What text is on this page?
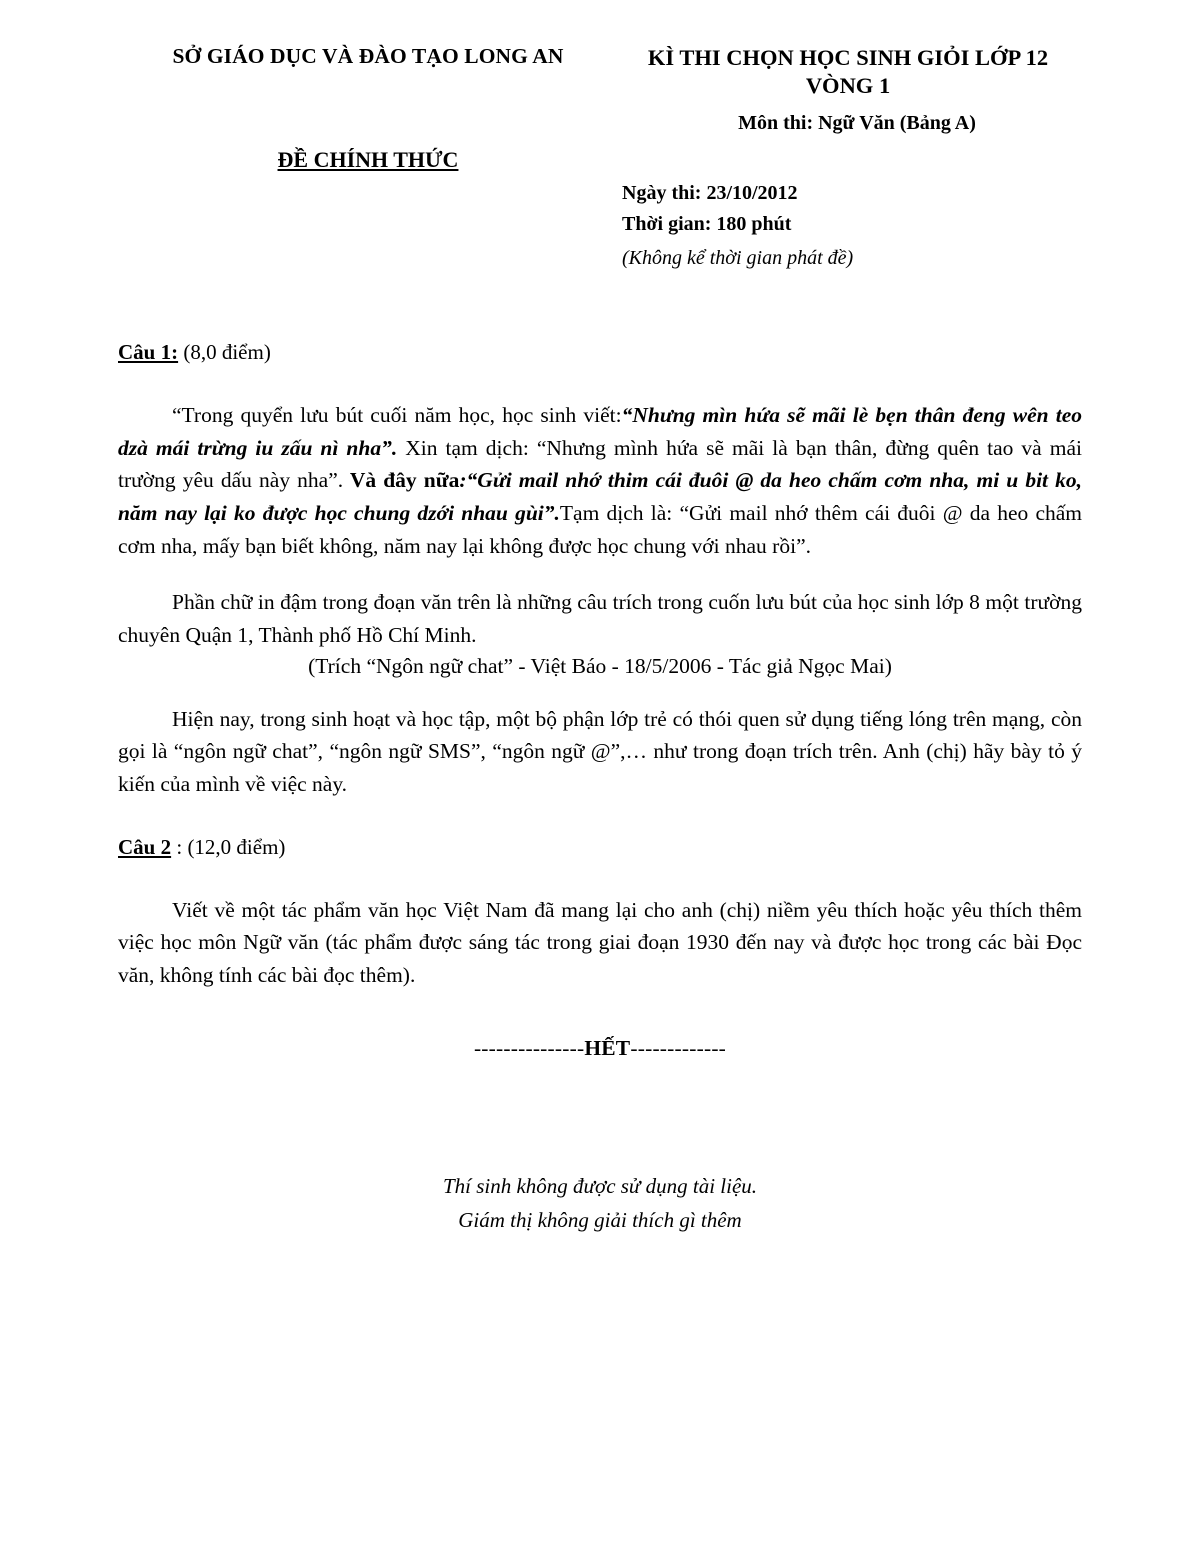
SỞ GIÁO DỤC VÀ ĐÀO TẠO LONG AN
ĐỀ CHÍNH THỨC
KÌ THI CHỌN HỌC SINH GIỎI LỚP 12
VÒNG 1
Môn thi: Ngữ Văn (Bảng A)
Ngày thi: 23/10/2012
Thời gian: 180 phút
(Không kể thời gian phát đề)
Câu 1: (8,0 điểm)

“Trong quyển lưu bút cuối năm học, học sinh viết:“Nhưng mìn hứa sẽ mãi lè bẹn thân đeng wên teo dzà mái trừng iu zấu nì nha”. Xin tạm dịch: “Nhưng mình hứa sẽ mãi là bạn thân, đừng quên tao và mái trường yêu dấu này nha”. Và đây nữa:“Gửi mail nhớ thim cái đuôi @ da heo chấm cơm nha, mi u bit ko, năm nay lại ko được học chung dzới nhau gùi”.Tạm dịch là: “Gửi mail nhớ thêm cái đuôi @ da heo chấm cơm nha, mấy bạn biết không, năm nay lại không được học chung với nhau rồi”.

Phần chữ in đậm trong đoạn văn trên là những câu trích trong cuốn lưu bút của học sinh lớp 8 một trường chuyên Quận 1, Thành phố Hồ Chí Minh.

(Trích “Ngôn ngữ chat” - Việt Báo - 18/5/2006 - Tác giả Ngọc Mai)

Hiện nay, trong sinh hoạt và học tập, một bộ phận lớp trẻ có thói quen sử dụng tiếng lóng trên mạng, còn gọi là “ngôn ngữ chat”, “ngôn ngữ SMS”, “ngôn ngữ @”,… như trong đoạn trích trên. Anh (chị) hãy bày tỏ ý kiến của mình về việc này.

Câu 2 : (12,0 điểm)

Viết về một tác phẩm văn học Việt Nam đã mang lại cho anh (chị) niềm yêu thích hoặc yêu thích thêm việc học môn Ngữ văn (tác phẩm được sáng tác trong giai đoạn 1930 đến nay và được học trong các bài Đọc văn, không tính các bài đọc thêm).

---------------HẾT-------------
Thí sinh không được sử dụng tài liệu.
Giám thị không giải thích gì thêm
